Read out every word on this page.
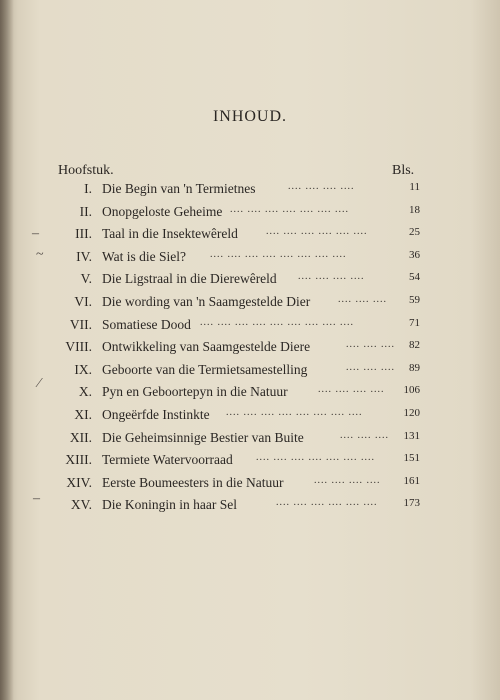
INHOUD.
Hoofstuk.	Bls.
–
~
⁄
–
I. Die Begin van 'n Termietnes	.... .... .... ....	11
II. Onopgeloste Geheime .... .... .... .... .... .... ....	18
III. Taal in die Insektewêreld	.... .... .... .... .... ....	25
IV. Wat is die Siel? .... .... .... .... .... .... .... ....	36
V. Die Ligstraal in die Dierewêreld .... .... .... ....	54
VI. Die wording van 'n Saamgestelde Dier	.... .... ....	59
VII. Somatiese Dood .... .... .... .... .... .... .... .... ....	71
VIII. Ontwikkeling van Saamgestelde Diere	.... .... ....	82
IX. Geboorte van die Termietsamestelling	.... .... ....	89
X. Pyn en Geboortepyn in die Natuur	.... .... .... ....	106
XI. Ongeërfde Instinkte .... .... .... .... .... .... .... ....	120
XII. Die Geheimsinnige Bestier van Buite	.... .... ....	131
XIII. Termiete Watervoorraad .... .... .... .... .... .... ....	151
XIV. Eerste Boumeesters in die Natuur	.... .... .... ....	161
XV. Die Koningin in haar Sel	.... .... .... .... .... ....	173
